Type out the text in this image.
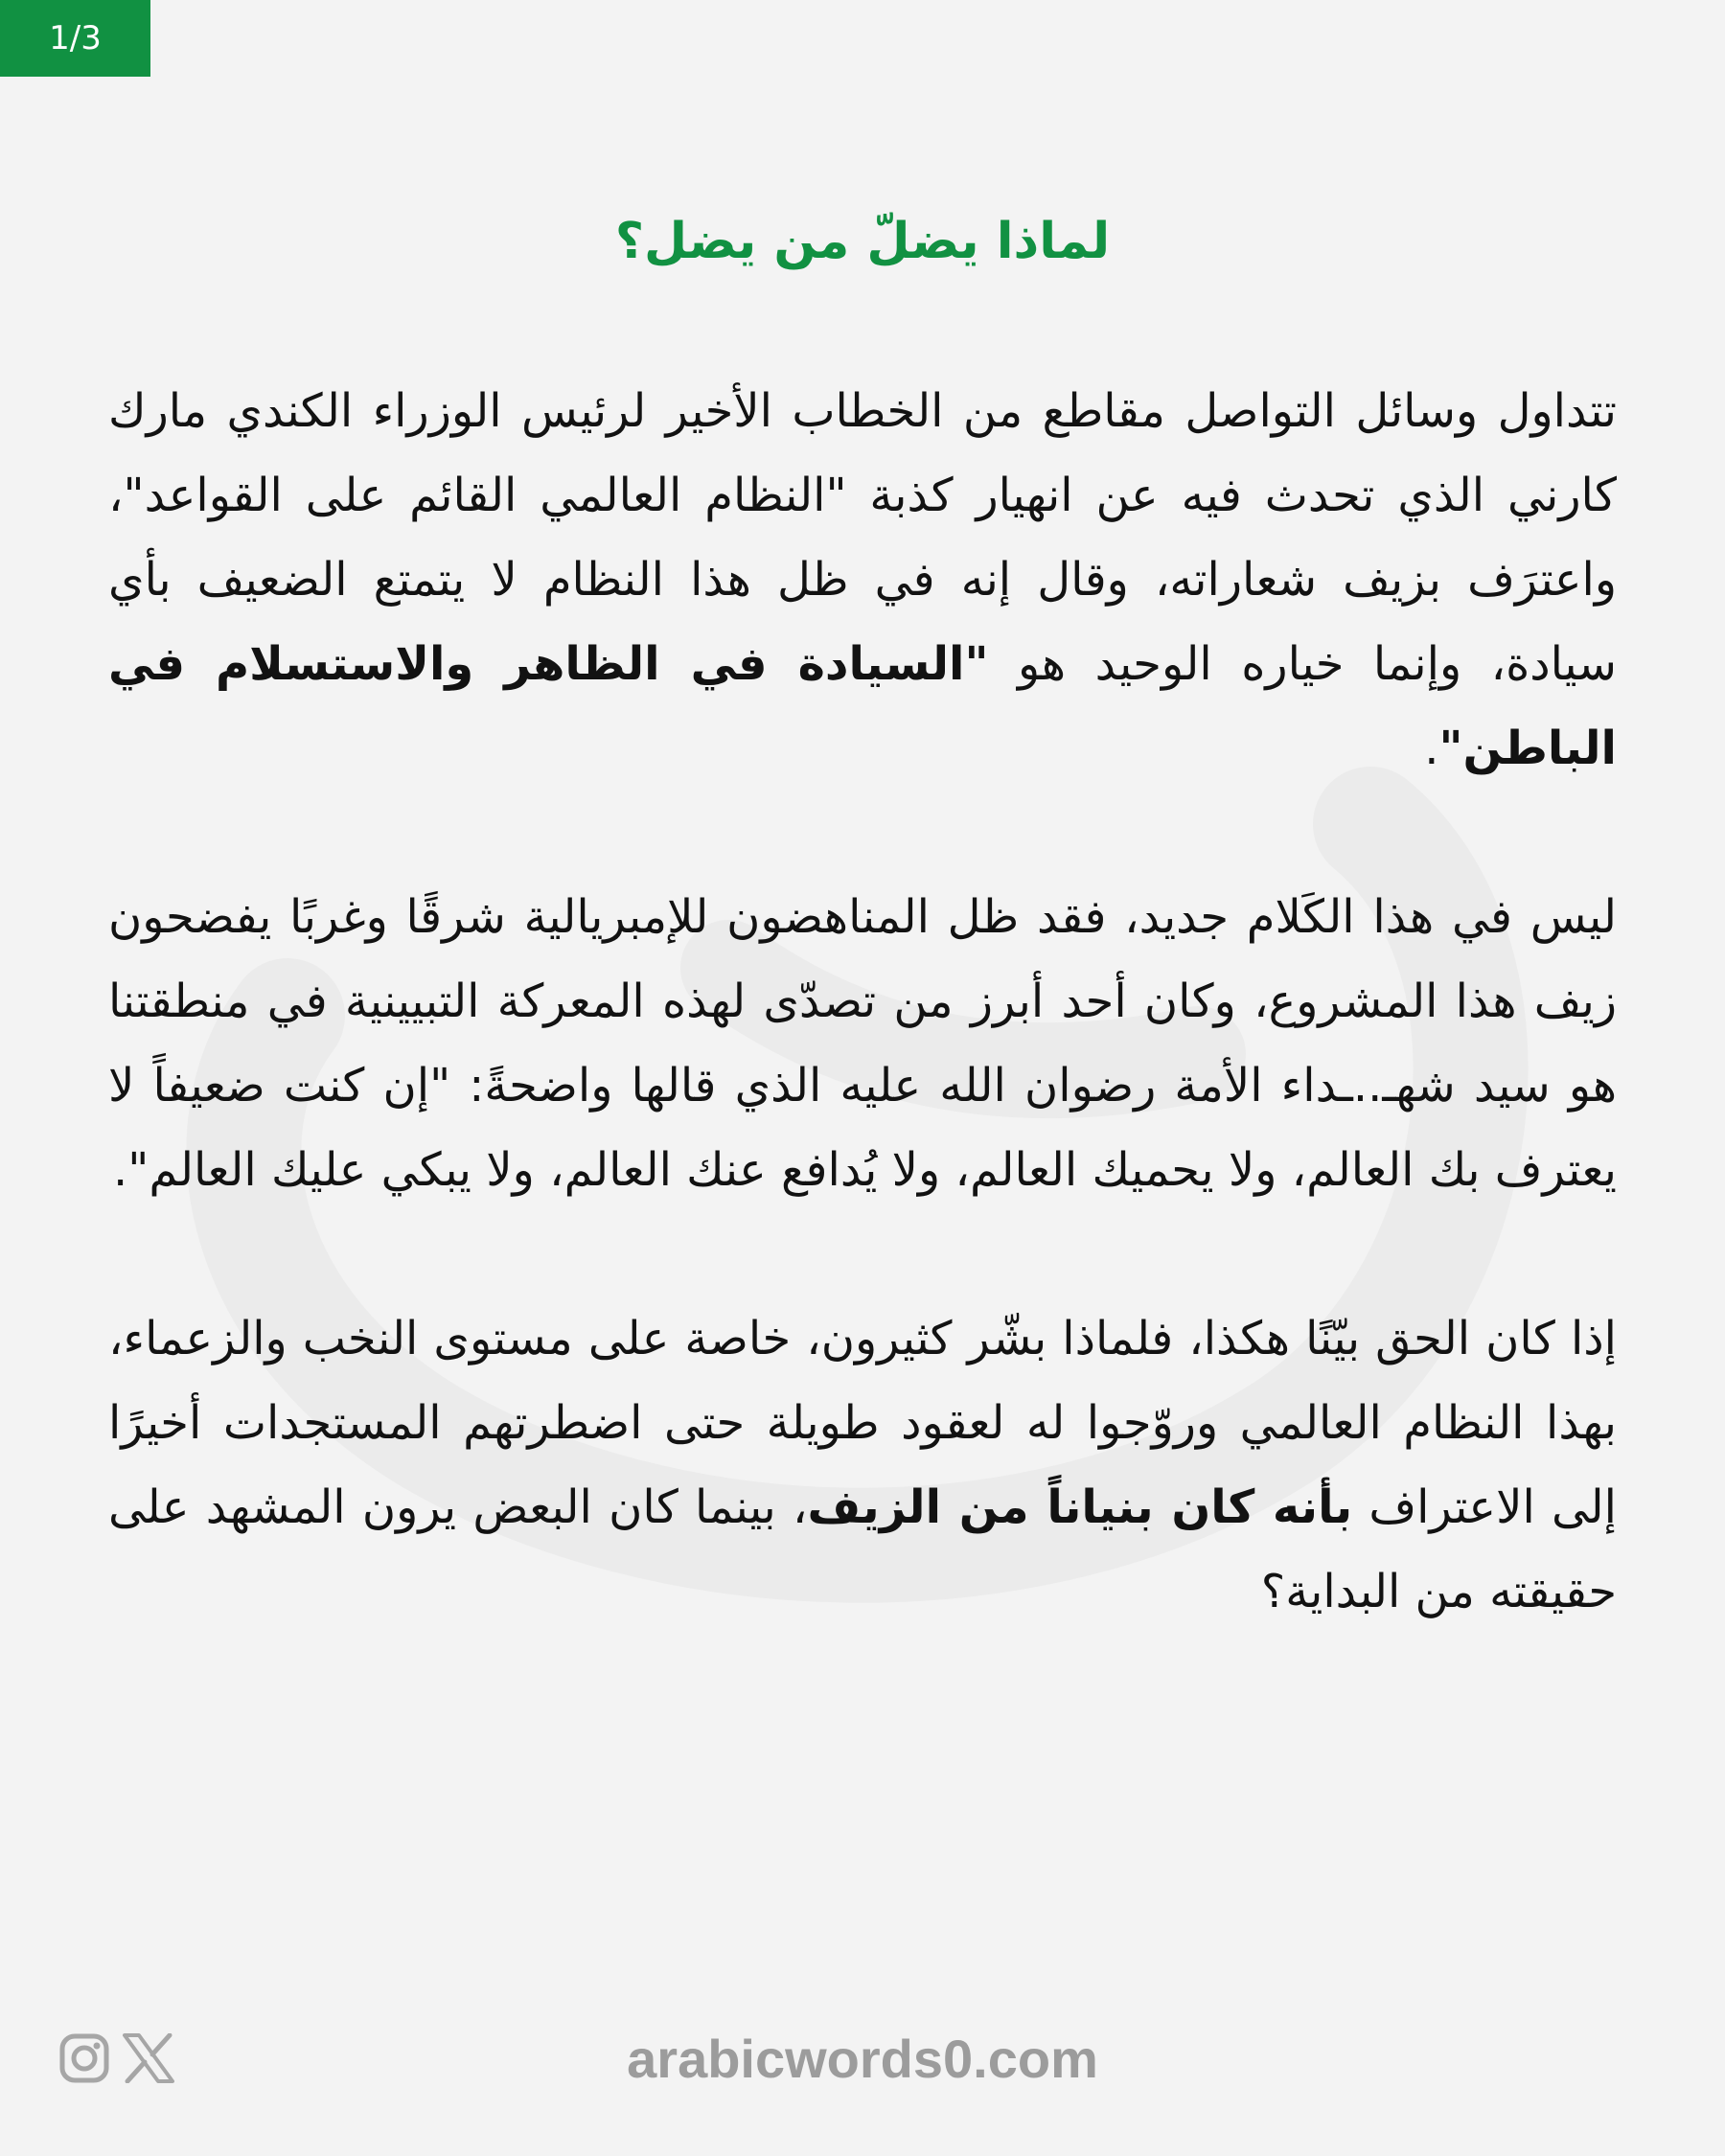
1/3
لماذا يضلّ من يضل؟

تتداول وسائل التواصل مقاطع من الخطاب الأخير لرئيس الوزراء الكندي مارك كارني الذي تحدث فيه عن انهيار كذبة "النظام العالمي القائم على القواعد"، واعترَف بزيف شعاراته، وقال إنه في ظل هذا النظام لا يتمتع الضعيف بأي سيادة، وإنما خياره الوحيد هو "السيادة في الظاهر والاستسلام في الباطن".

ليس في هذا الكَلام جديد، فقد ظل المناهضون للإمبريالية شرقًا وغربًا يفضحون زيف هذا المشروع، وكان أحد أبرز من تصدّى لهذه المعركة التبيينية في منطقتنا هو سيد شهـ..ـداء الأمة رضوان الله عليه الذي قالها واضحةً: "إن كنت ضعيفاً لا يعترف بك العالم، ولا يحميك العالم، ولا يُدافع عنك العالم، ولا يبكي عليك العالم".

إذا كان الحق بيّنًا هكذا، فلماذا بشّر كثيرون، خاصة على مستوى النخب والزعماء، بهذا النظام العالمي وروّجوا له لعقود طويلة حتى اضطرتهم المستجدات أخيرًا إلى الاعتراف بأنه كان بنياناً من الزيف، بينما كان البعض يرون المشهد على حقيقته من البداية؟

arabicwords0.com
